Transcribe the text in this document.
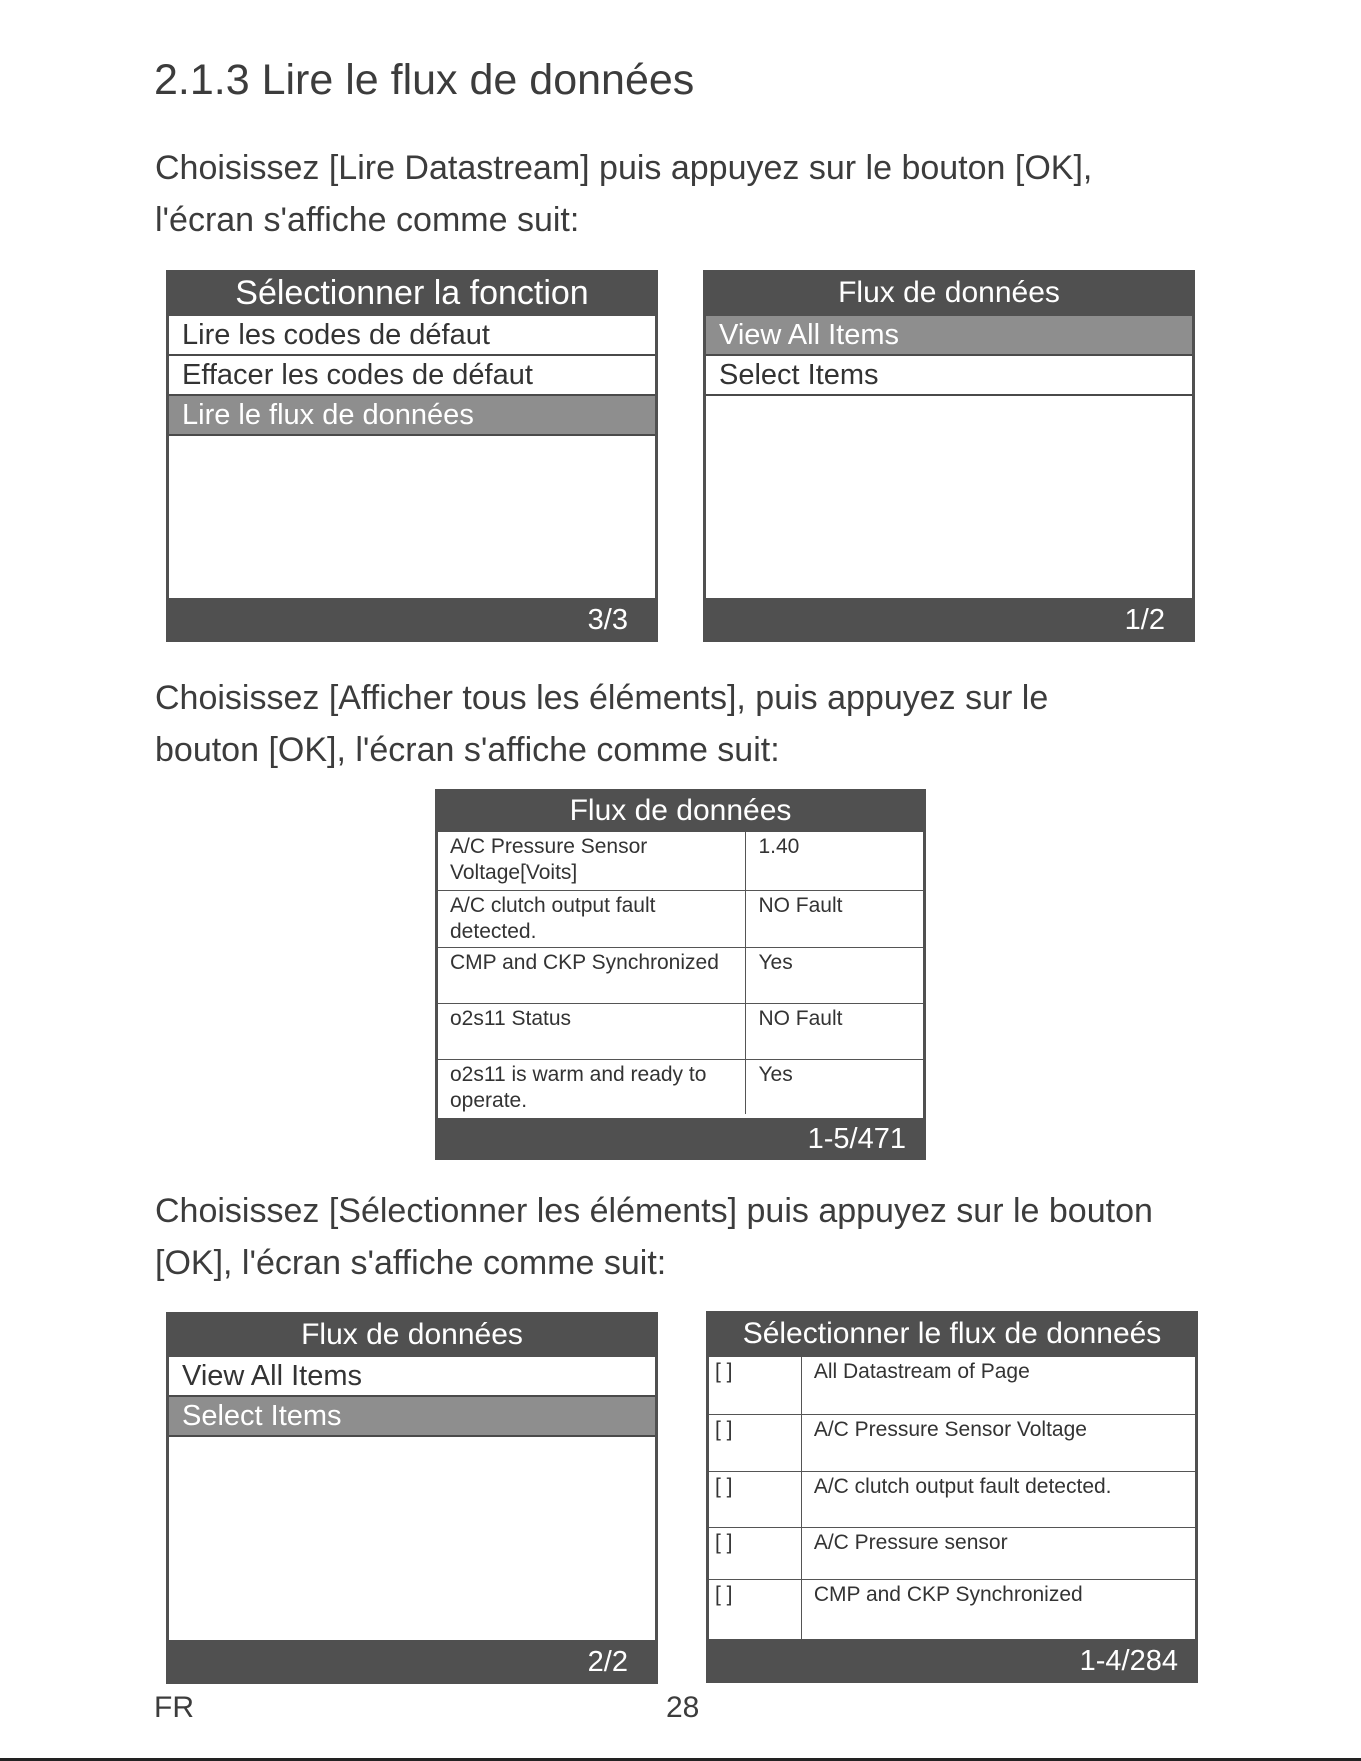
2.1.3 Lire le flux de données
Choisissez [Lire Datastream] puis appuyez sur le bouton [OK],
l'écran s'affiche comme suit:
Sélectionner la fonction
Lire les codes de défaut
Effacer les codes de défaut
Lire le flux de données
3/3
Flux de données
View All Items
Select Items
1/2
Choisissez [Afficher tous les éléments], puis appuyez sur le
bouton [OK], l'écran s'affiche comme suit:
Flux de données
A/C Pressure Sensor Voltage[Voits]	1.40
A/C clutch output fault detected.	NO Fault
CMP and CKP Synchronized	Yes
o2s11 Status	NO Fault
o2s11 is warm and ready to operate.	Yes
1-5/471
Choisissez [Sélectionner les éléments] puis appuyez sur le bouton
[OK], l'écran s'affiche comme suit:
Flux de données
View All Items
Select Items
2/2
Sélectionner le flux de donneés
[ ]	All Datastream of Page
[ ]	A/C Pressure Sensor Voltage
[ ]	A/C clutch output fault detected.
[ ]	A/C Pressure sensor
[ ]	CMP and CKP Synchronized
1-4/284
FR	28
